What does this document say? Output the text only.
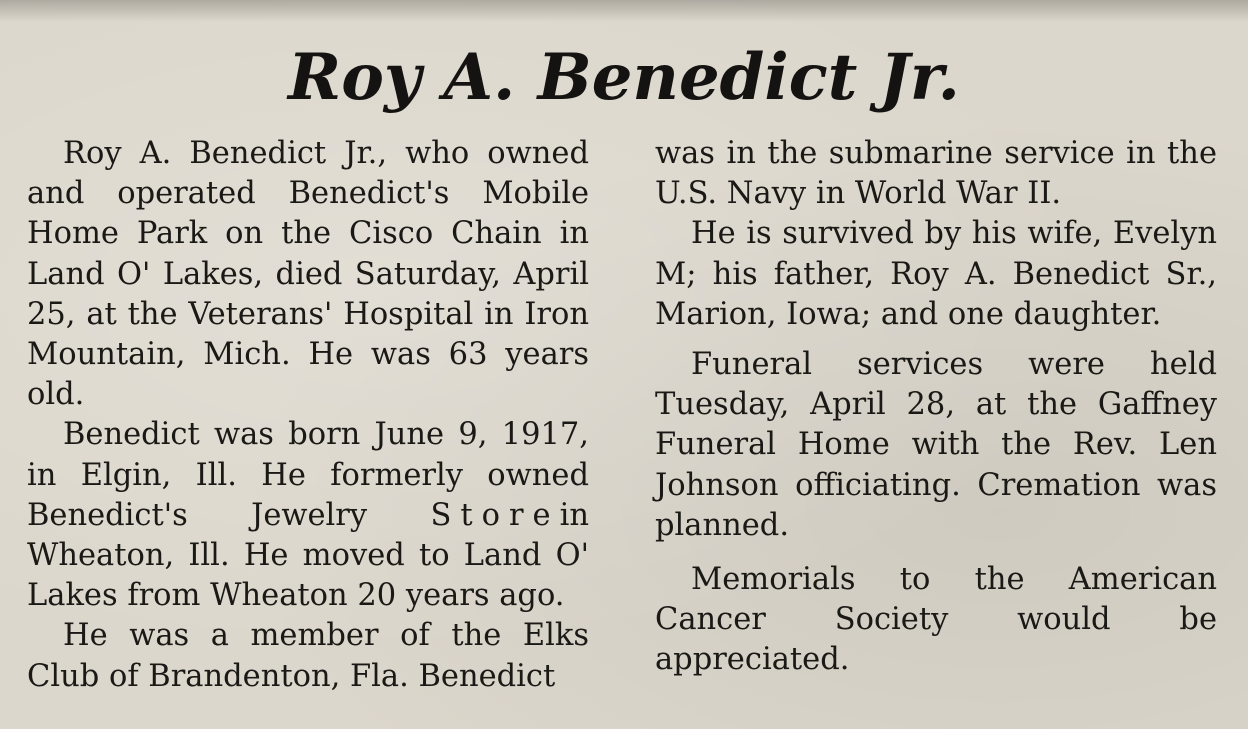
Roy A. Benedict Jr.

Roy A. Benedict Jr., who owned and operated Benedict's Mobile Home Park on the Cisco Chain in Land O' Lakes, died Saturday, April 25, at the Veterans' Hospital in Iron Mountain, Mich. He was 63 years old.

Benedict was born June 9, 1917, in Elgin, Ill. He formerly owned Benedict's Jewelry Storein Wheaton, Ill. He moved to Land O' Lakes from Wheaton 20 years ago.

He was a member of the Elks Club of Brandenton, Fla. Benedict

was in the submarine service in the U.S. Navy in World War II.

He is survived by his wife, Evelyn M; his father, Roy A. Benedict Sr., Marion, Iowa; and one daughter.

Funeral services were held Tuesday, April 28, at the Gaffney Funeral Home with the Rev. Len Johnson officiating. Cremation was planned.

Memorials to the American Cancer Society would be appreciated.
